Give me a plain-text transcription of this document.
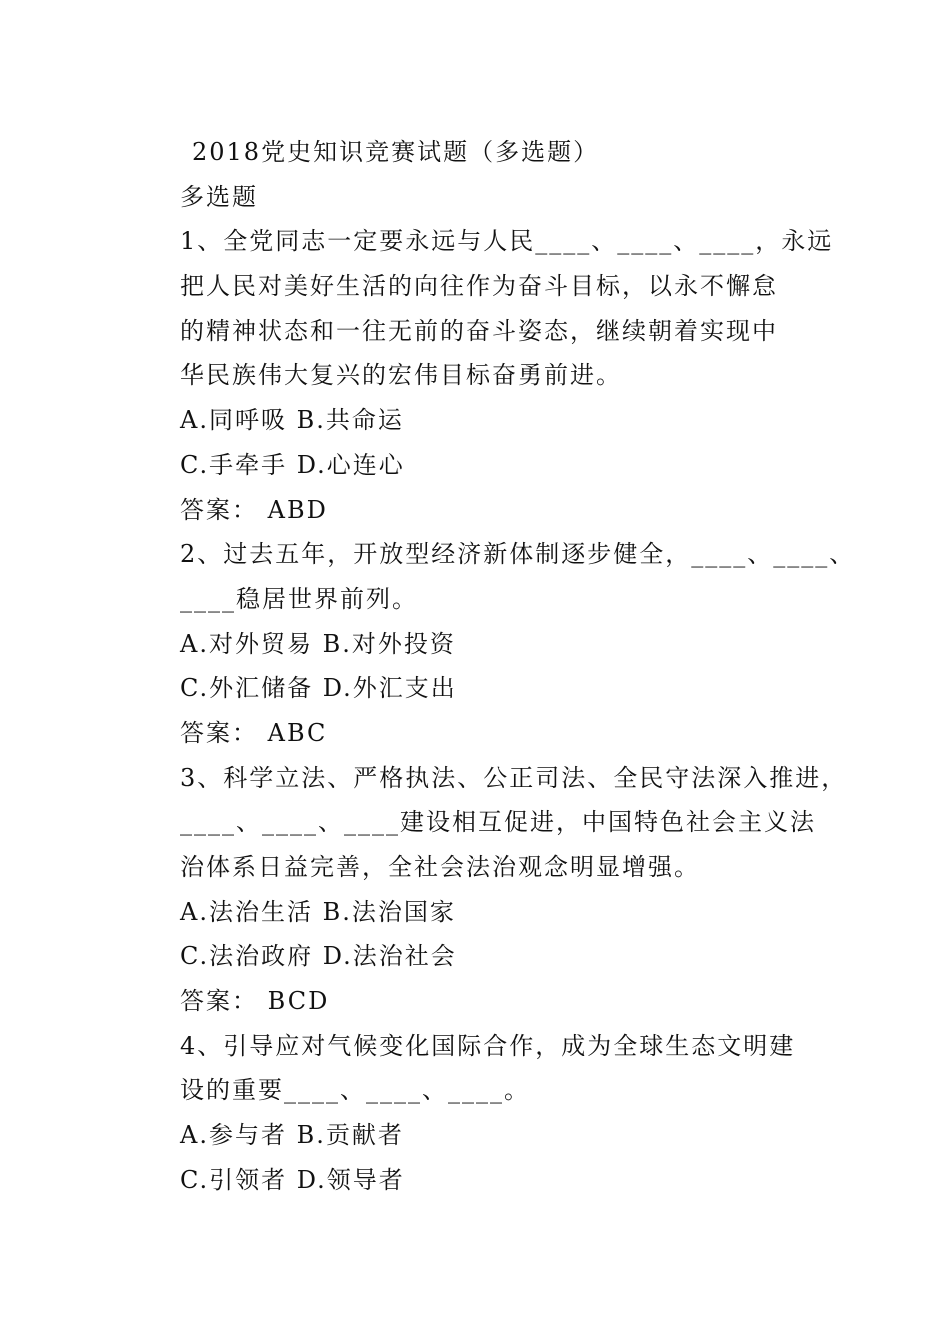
2018党史知识竞赛试题（多选题）
多选题
1、全党同志一定要永远与人民____、____、____，永远
把人民对美好生活的向往作为奋斗目标，以永不懈怠
的精神状态和一往无前的奋斗姿态，继续朝着实现中
华民族伟大复兴的宏伟目标奋勇前进。
A.同呼吸 B.共命运
C.手牵手 D.心连心
答案： ABD
2、过去五年，开放型经济新体制逐步健全，____、____、
____稳居世界前列。
A.对外贸易 B.对外投资
C.外汇储备 D.外汇支出
答案： ABC
3、科学立法、严格执法、公正司法、全民守法深入推进，
____、____、____建设相互促进，中国特色社会主义法
治体系日益完善，全社会法治观念明显增强。
A.法治生活 B.法治国家
C.法治政府 D.法治社会
答案： BCD
4、引导应对气候变化国际合作，成为全球生态文明建
设的重要____、____、____。
A.参与者 B.贡献者
C.引领者 D.领导者
